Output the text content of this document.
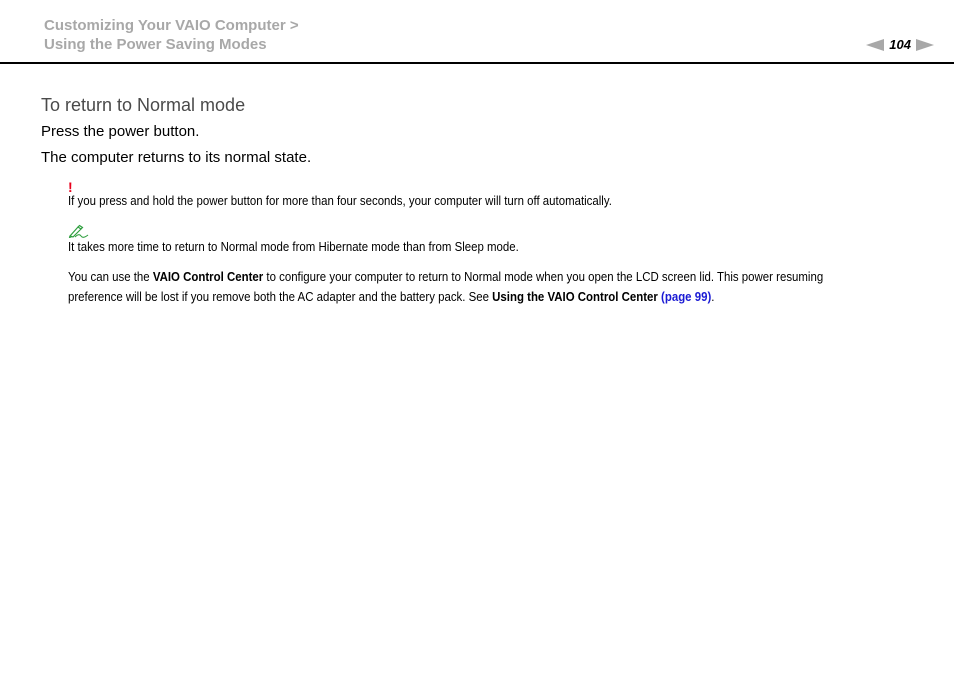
Customizing Your VAIO Computer >
Using the Power Saving Modes	104
To return to Normal mode
Press the power button.
The computer returns to its normal state.
!
If you press and hold the power button for more than four seconds, your computer will turn off automatically.
It takes more time to return to Normal mode from Hibernate mode than from Sleep mode.
You can use the VAIO Control Center to configure your computer to return to Normal mode when you open the LCD screen lid. This power resuming
preference will be lost if you remove both the AC adapter and the battery pack. See Using the VAIO Control Center (page 99).
